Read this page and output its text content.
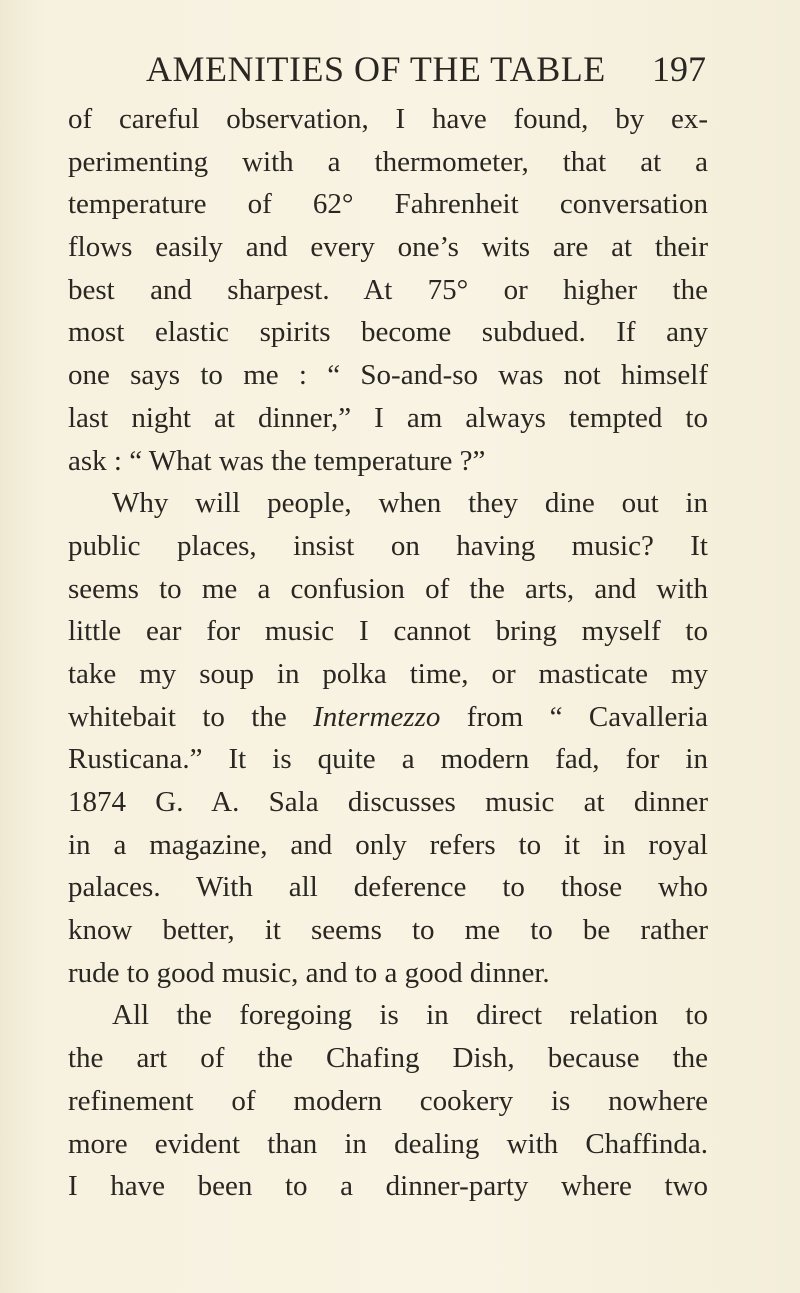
AMENITIES OF THE TABLE 197
of careful observation, I have found, by ex-
perimenting with a thermometer, that at a
temperature of 62° Fahrenheit conversation
flows easily and every one’s wits are at their
best and sharpest. At 75° or higher the
most elastic spirits become subdued. If any
one says to me : “ So-and-so was not himself
last night at dinner,” I am always tempted to
ask : “ What was the temperature ?”
Why will people, when they dine out in
public places, insist on having music? It
seems to me a confusion of the arts, and with
little ear for music I cannot bring myself to
take my soup in polka time, or masticate my
whitebait to the Intermezzo from “ Cavalleria
Rusticana.” It is quite a modern fad, for in
1874 G. A. Sala discusses music at dinner
in a magazine, and only refers to it in royal
palaces. With all deference to those who
know better, it seems to me to be rather
rude to good music, and to a good dinner.
All the foregoing is in direct relation to
the art of the Chafing Dish, because the
refinement of modern cookery is nowhere
more evident than in dealing with Chaffinda.
I have been to a dinner-party where two
